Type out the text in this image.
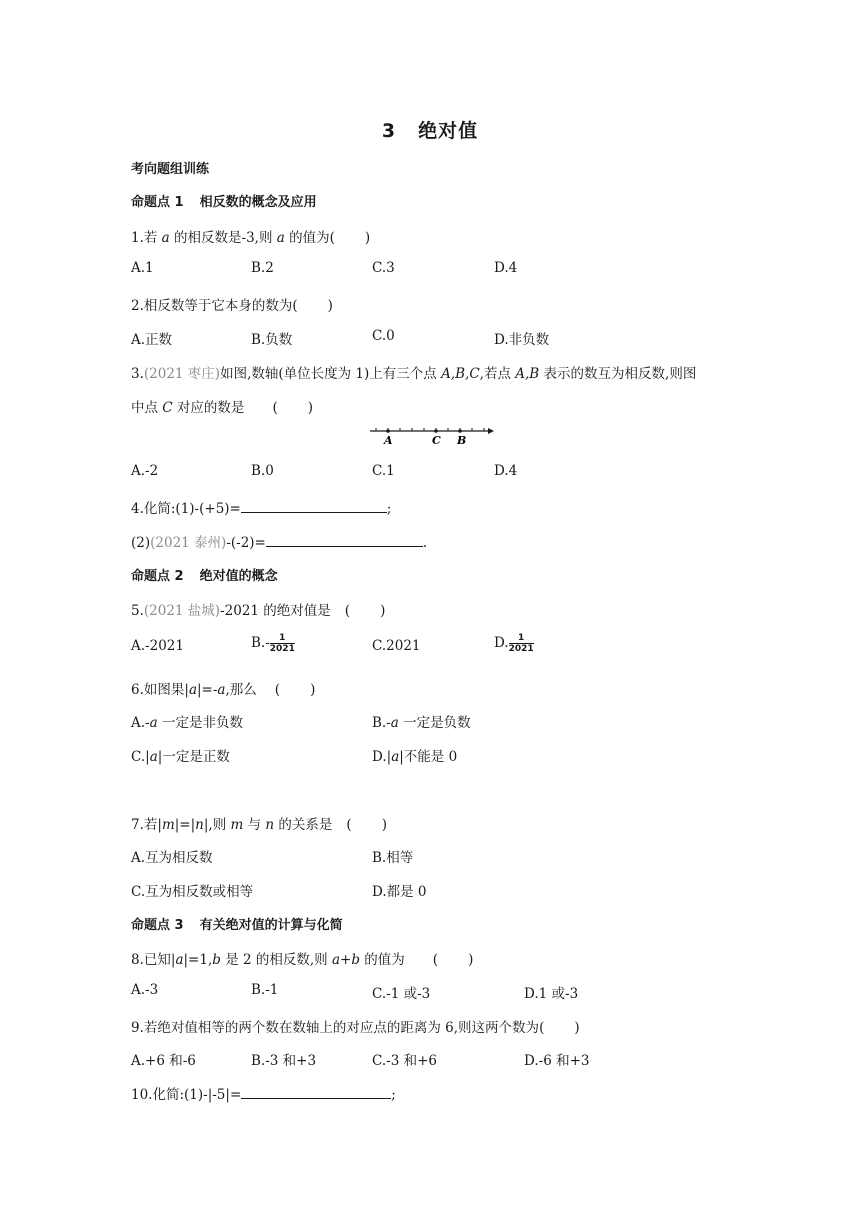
3 绝对值
考向题组训练
命题点 1 相反数的概念及应用
1.若 a 的相反数是-3,则 a 的值为( )
A.1	B.2	C.3	D.4
2.相反数等于它本身的数为( )
A.正数	B.负数	C.0	D.非负数
3.(2021 枣庄)如图,数轴(单位长度为 1)上有三个点 A,B,C,若点 A,B 表示的数互为相反数,则图
中点 C 对应的数是 ( )
A	C B
A.-2	B.0	C.1	D.4
4.化简:(1)-(+5)=	;
(2)(2021 泰州)-(-2)=	.
命题点 2 绝对值的概念
5.(2021 盐城)-2021 的绝对值是 ( )
A.-2021	$B.- \frac{1}{2021}$	C.2021	D. $\frac{1}{2021}$
6.如图果|a|=-a,那么 ( )
A.-a 一定是非负数	B.-a 一定是负数
C.|a|一定是正数	D.|a|不能是 0
7.若|m|=|n|,则 m 与 n 的关系是 ( )
A.互为相反数	B.相等
C.互为相反数或相等	D.都是 0
命题点 3 有关绝对值的计算与化简
8.已知|a|=1,b 是 2 的相反数,则 a+b 的值为 ( )
A.-3	B.-1	C.-1 或-3	D.1 或-3
9.若绝对值相等的两个数在数轴上的对应点的距离为 6,则这两个数为( )
A.+6 和-6	B.-3 和+3	C.-3 和+6	D.-6 和+3
10.化简:(1)-|-5|=	;
